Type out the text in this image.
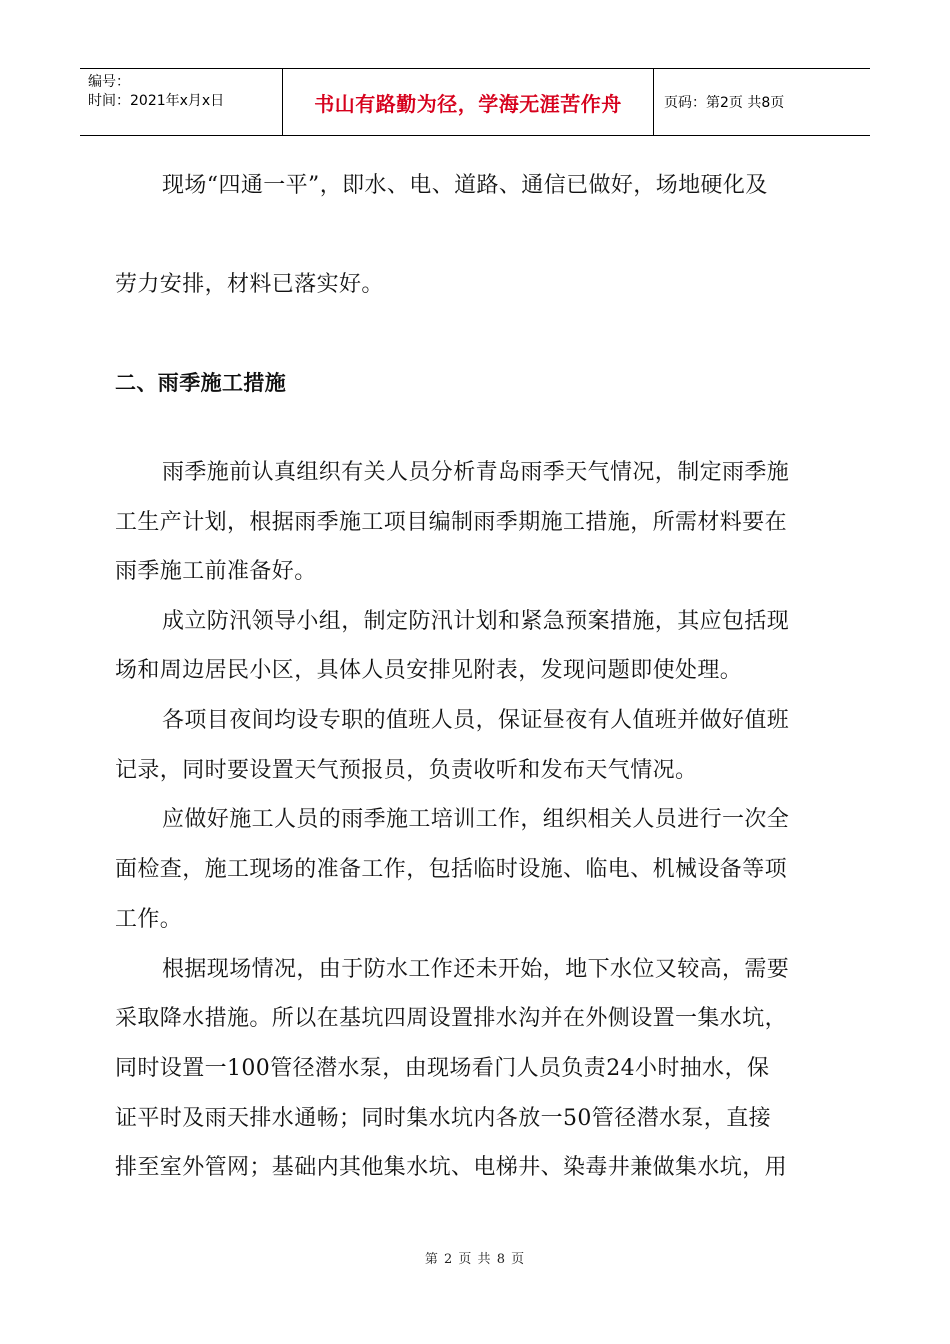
编号：
时间：2021年x月x日	书山有路勤为径，学海无涯苦作舟	页码：第2页 共8页
现场“四通一平”，即水、电、道路、通信已做好，场地硬化及
劳力安排，材料已落实好。
二、雨季施工措施
雨季施前认真组织有关人员分析青岛雨季天气情况，制定雨季施
工生产计划，根据雨季施工项目编制雨季期施工措施，所需材料要在
雨季施工前准备好。
成立防汛领导小组，制定防汛计划和紧急预案措施，其应包括现
场和周边居民小区，具体人员安排见附表，发现问题即使处理。
各项目夜间均设专职的值班人员，保证昼夜有人值班并做好值班
记录，同时要设置天气预报员，负责收听和发布天气情况。
应做好施工人员的雨季施工培训工作，组织相关人员进行一次全
面检查，施工现场的准备工作，包括临时设施、临电、机械设备等项
工作。
根据现场情况，由于防水工作还未开始，地下水位又较高，需要
采取降水措施。所以在基坑四周设置排水沟并在外侧设置一集水坑，
同时设置一100管径潜水泵，由现场看门人员负责24小时抽水，保
证平时及雨天排水通畅；同时集水坑内各放一50管径潜水泵，直接
排至室外管网；基础内其他集水坑、电梯井、染毒井兼做集水坑，用
第 2 页 共 8 页
